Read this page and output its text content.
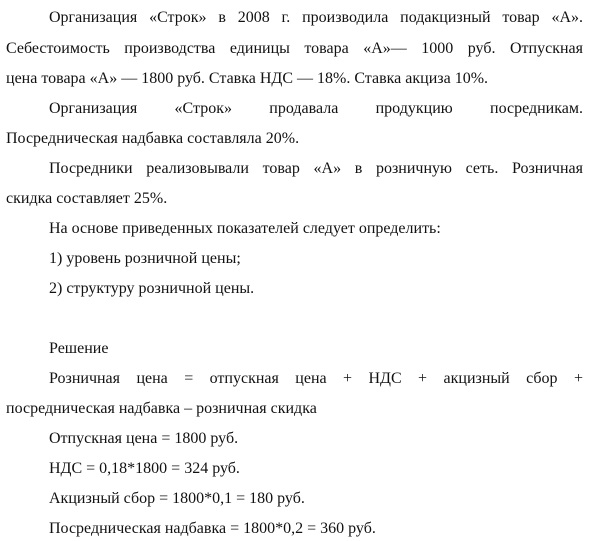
Организация «Строк» в 2008 г. производила подакцизный товар «А».

Себестоимость производства единицы товара «А»— 1000 руб. Отпускная

цена товара «А» — 1800 руб. Ставка НДС — 18%. Ставка акциза 10%.

Организация «Строк» продавала продукцию посредникам.

Посредническая надбавка составляла 20%.

Посредники реализовывали товар «А» в розничную сеть. Розничная

скидка составляет 25%.

На основе приведенных показателей следует определить:

1) уровень розничной цены;

2) структуру розничной цены.

Решение

Розничная цена = отпускная цена + НДС + акцизный сбор +

посредническая надбавка – розничная скидка

Отпускная цена = 1800 руб.

НДС = 0,18*1800 = 324 руб.

Акцизный сбор = 1800*0,1 = 180 руб.

Посредническая надбавка = 1800*0,2 = 360 руб.
